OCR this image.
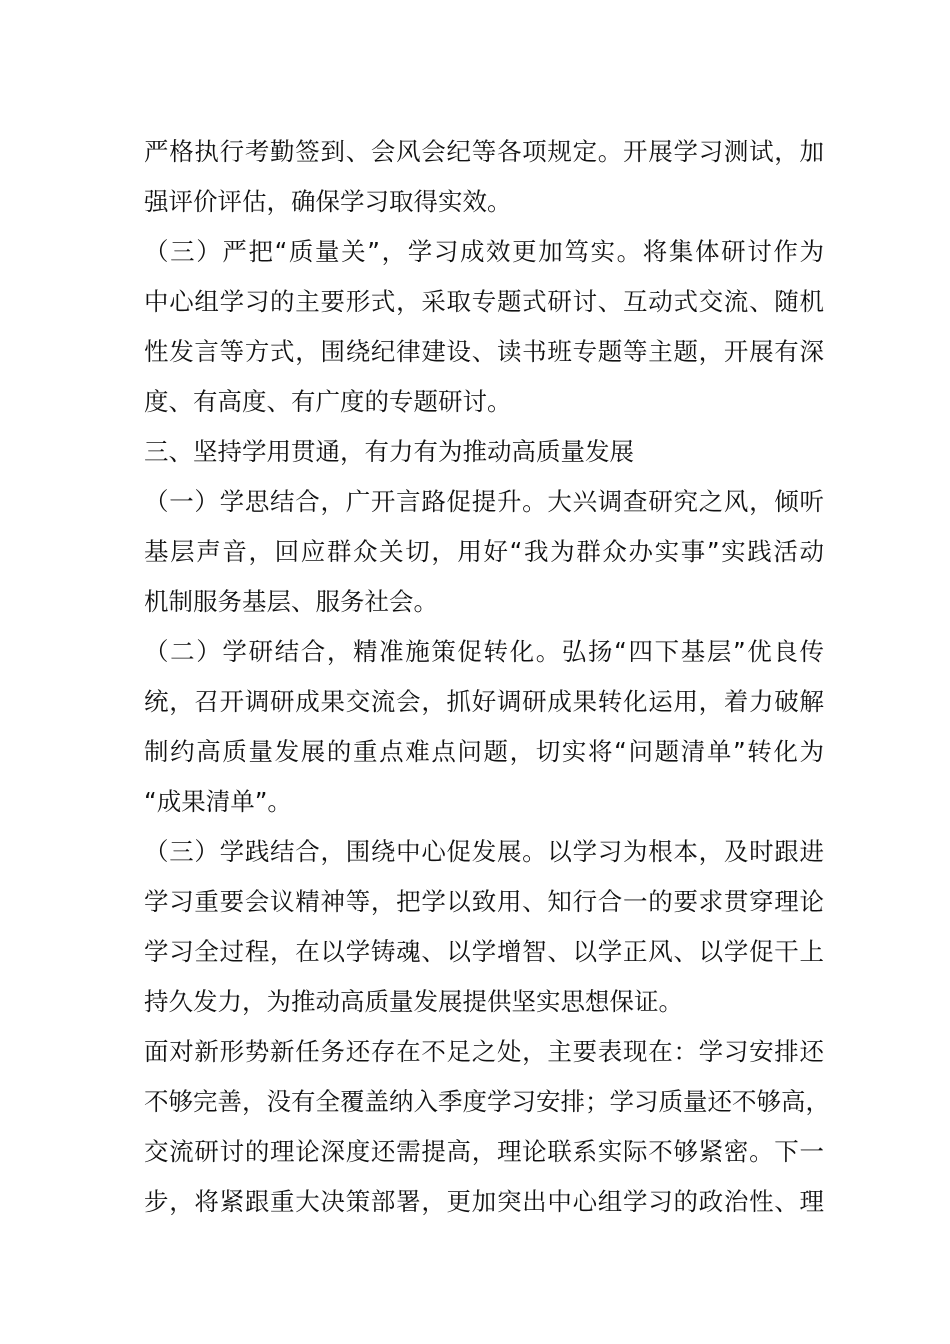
严格执行考勤签到、会风会纪等各项规定。开展学习测试，加
强评价评估，确保学习取得实效。
（三）严把“质量关”，学习成效更加笃实。将集体研讨作为
中心组学习的主要形式，采取专题式研讨、互动式交流、随机
性发言等方式，围绕纪律建设、读书班专题等主题，开展有深
度、有高度、有广度的专题研讨。
三、坚持学用贯通，有力有为推动高质量发展
（一）学思结合，广开言路促提升。大兴调查研究之风，倾听
基层声音，回应群众关切，用好“我为群众办实事”实践活动
机制服务基层、服务社会。
（二）学研结合，精准施策促转化。弘扬“四下基层”优良传
统，召开调研成果交流会，抓好调研成果转化运用，着力破解
制约高质量发展的重点难点问题，切实将“问题清单”转化为
“成果清单”。
（三）学践结合，围绕中心促发展。以学习为根本，及时跟进
学习重要会议精神等，把学以致用、知行合一的要求贯穿理论
学习全过程，在以学铸魂、以学增智、以学正风、以学促干上
持久发力，为推动高质量发展提供坚实思想保证。
面对新形势新任务还存在不足之处，主要表现在：学习安排还
不够完善，没有全覆盖纳入季度学习安排；学习质量还不够高，
交流研讨的理论深度还需提高，理论联系实际不够紧密。下一
步，将紧跟重大决策部署，更加突出中心组学习的政治性、理
